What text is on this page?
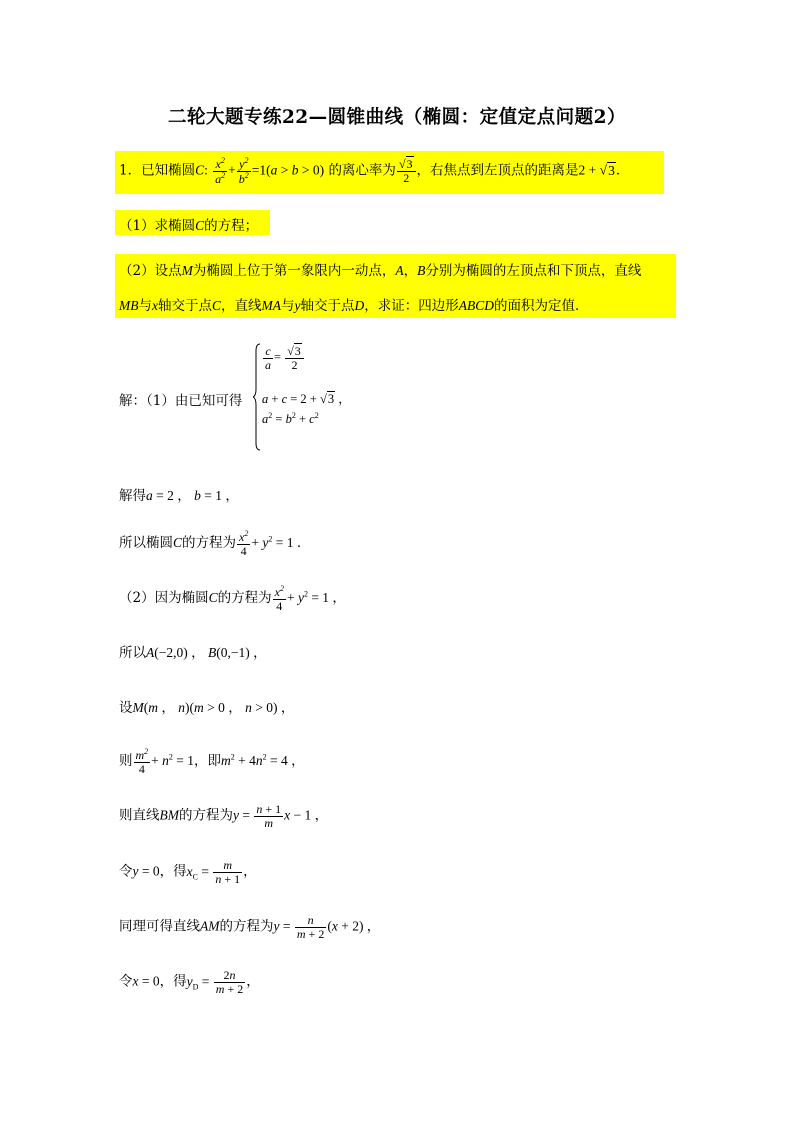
二轮大题专练22—圆锥曲线（椭圆：定值定点问题2）
1．已知椭圆C: $\frac{x^2}{a^2} + \frac{y^2}{b^2} =1(a > b > 0)$ 的离心率为 $\frac{√3}{2}$ ，右焦点到左顶点的距离是2 + √3．
（1）求椭圆C的方程；
（2）设点M为椭圆上位于第一象限内一动点，A，B分别为椭圆的左顶点和下顶点，直线
MB与x轴交于点C，直线MA与y轴交于点D，求证：四边形ABCD的面积为定值．
解：（1）由已知可得
$\frac{c}{a} = \frac{√3}{2}$
a + c = 2 + √3 ，
$a^2 = b^2 + c^2$
解得a = 2 ， b = 1 ，
所以椭圆C的方程为 $\frac{x^2}{4} + y^2 = 1$ ．
（2）因为椭圆C的方程为 $\frac{x^2}{4} + y^2 = 1$ ，
所以A(−2,0) ， B(0,−1) ，
设M(m ， n)(m > 0 ， n > 0) ，
则 $\frac{m^2}{4} + n^2 = 1$，即$m^2 + 4n^2 = 4$ ，
则直线BM的方程为$y = \frac{n + 1}{m}$ x − 1 ，
令y = 0，得$x_C = \frac{m}{n + 1}$ ，
同理可得直线AM的方程为$y = \frac{n}{m + 2} (x + 2)$ ，
令x = 0，得$y_D = \frac{2n}{m + 2}$ ，
